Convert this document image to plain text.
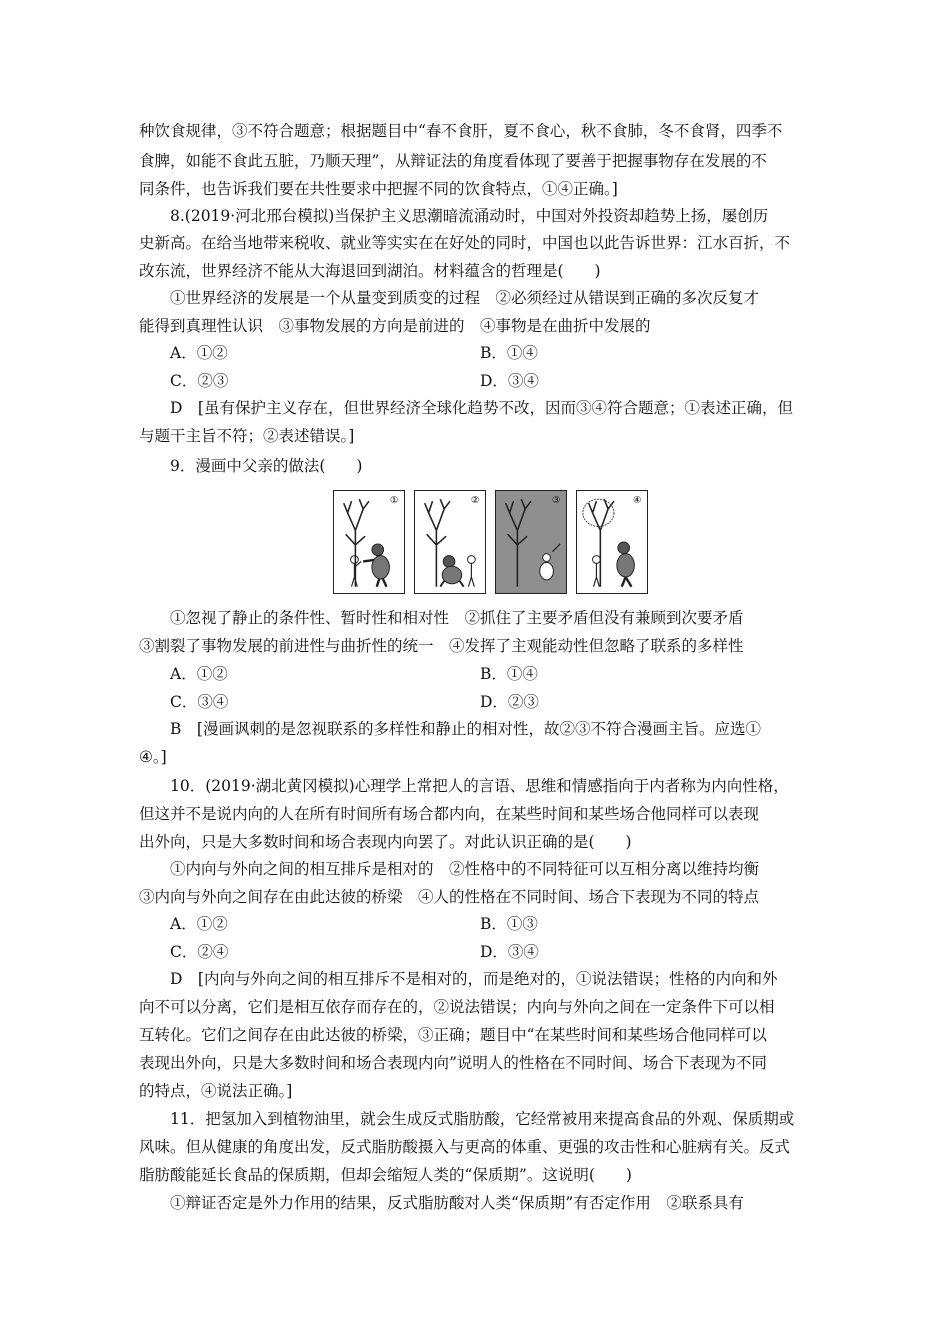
种饮食规律，③不符合题意；根据题目中“春不食肝，夏不食心，秋不食肺，冬不食肾，四季不
食脾，如能不食此五脏，乃顺天理”，从辩证法的角度看体现了要善于把握事物存在发展的不
同条件，也告诉我们要在共性要求中把握不同的饮食特点，①④正确。]
8.(2019·河北邢台模拟)当保护主义思潮暗流涌动时，中国对外投资却趋势上扬，屡创历
史新高。在给当地带来税收、就业等实实在在好处的同时，中国也以此告诉世界：江水百折，不
改东流，世界经济不能从大海退回到湖泊。材料蕴含的哲理是(　　)
①世界经济的发展是一个从量变到质变的过程　②必须经过从错误到正确的多次反复才
能得到真理性认识　③事物发展的方向是前进的　④事物是在曲折中发展的
A．①②	B．①④
C．②③	D．③④
D　[虽有保护主义存在，但世界经济全球化趋势不改，因而③④符合题意；①表述正确，但
与题干主旨不符；②表述错误。]
9．漫画中父亲的做法(　　)
①	②	③	④
①忽视了静止的条件性、暂时性和相对性　②抓住了主要矛盾但没有兼顾到次要矛盾
③割裂了事物发展的前进性与曲折性的统一　④发挥了主观能动性但忽略了联系的多样性
A．①②	B．①④
C．③④	D．②③
B　[漫画讽刺的是忽视联系的多样性和静止的相对性，故②③不符合漫画主旨。应选①
④。]
10．(2019·湖北黄冈模拟)心理学上常把人的言语、思维和情感指向于内者称为内向性格，
但这并不是说内向的人在所有时间所有场合都内向，在某些时间和某些场合他同样可以表现
出外向，只是大多数时间和场合表现内向罢了。对此认识正确的是(　　)
①内向与外向之间的相互排斥是相对的　②性格中的不同特征可以互相分离以维持均衡
③内向与外向之间存在由此达彼的桥梁　④人的性格在不同时间、场合下表现为不同的特点
A．①②	B．①③
C．②④	D．③④
D　[内向与外向之间的相互排斥不是相对的，而是绝对的，①说法错误；性格的内向和外
向不可以分离，它们是相互依存而存在的，②说法错误；内向与外向之间在一定条件下可以相
互转化。它们之间存在由此达彼的桥梁，③正确；题目中“在某些时间和某些场合他同样可以
表现出外向，只是大多数时间和场合表现内向”说明人的性格在不同时间、场合下表现为不同
的特点，④说法正确。]
11．把氢加入到植物油里，就会生成反式脂肪酸，它经常被用来提高食品的外观、保质期或
风味。但从健康的角度出发，反式脂肪酸摄入与更高的体重、更强的攻击性和心脏病有关。反式
脂肪酸能延长食品的保质期，但却会缩短人类的“保质期”。这说明(　　)
①辩证否定是外力作用的结果，反式脂肪酸对人类“保质期”有否定作用　②联系具有
